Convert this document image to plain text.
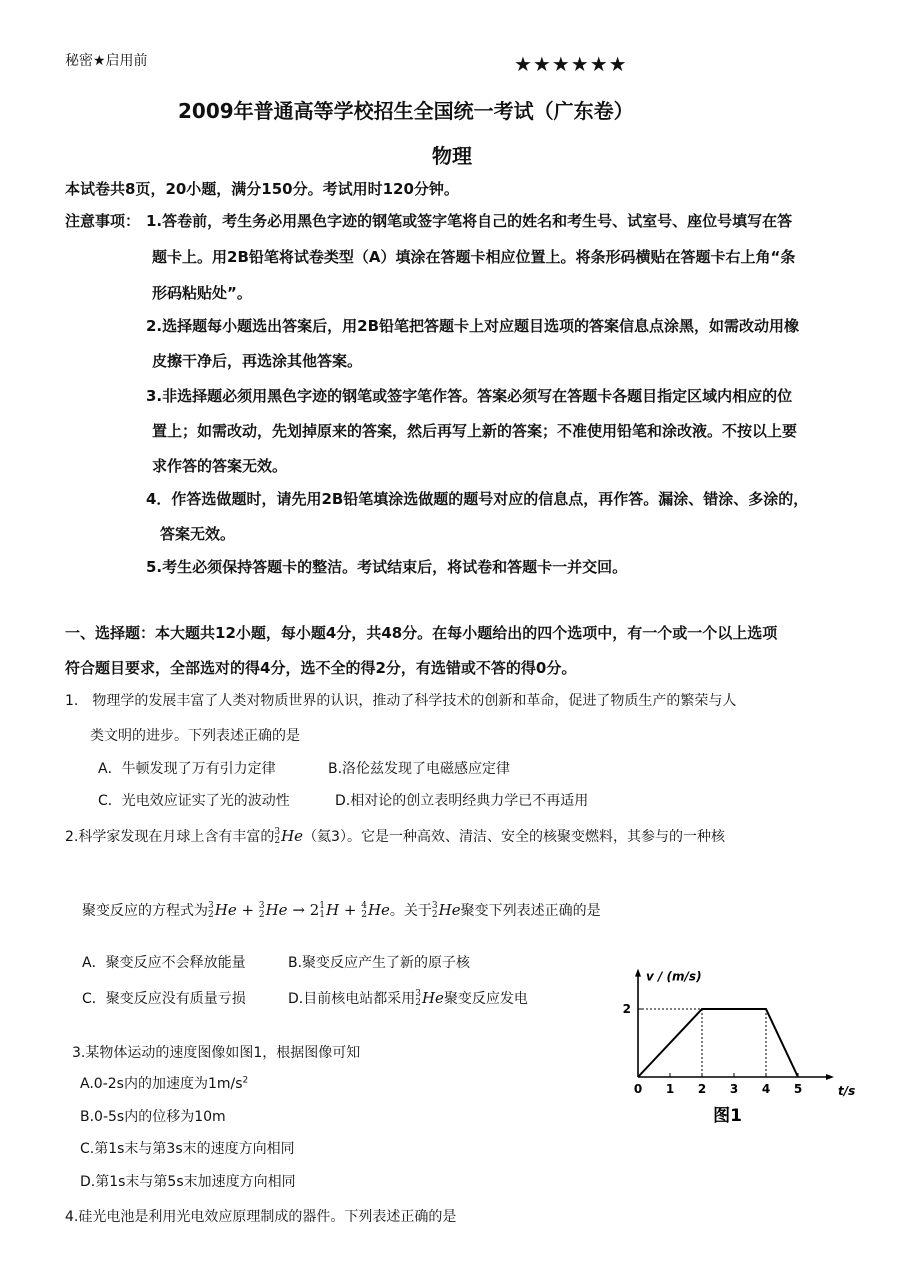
秘密★启用前	★★★★★★
2009年普通高等学校招生全国统一考试（广东卷）
物理
本试卷共8页，20小题，满分150分。考试用时120分钟。
注意事项： 1.答卷前，考生务必用黑色字迹的钢笔或签字笔将自己的姓名和考生号、试室号、座位号填写在答
题卡上。用2B铅笔将试卷类型（A）填涂在答题卡相应位置上。将条形码横贴在答题卡右上角“条
形码粘贴处”。
2.选择题每小题选出答案后，用2B铅笔把答题卡上对应题目选项的答案信息点涂黑，如需改动用橡
皮擦干净后，再选涂其他答案。
3.非选择题必须用黑色字迹的钢笔或签字笔作答。答案必须写在答题卡各题目指定区域内相应的位
置上；如需改动，先划掉原来的答案，然后再写上新的答案；不准使用铅笔和涂改液。不按以上要
求作答的答案无效。
4．作答选做题时，请先用2B铅笔填涂选做题的题号对应的信息点，再作答。漏涂、错涂、多涂的，
答案无效。
5.考生必须保持答题卡的整洁。考试结束后，将试卷和答题卡一并交回。
一、选择题：本大题共12小题，每小题4分，共48分。在每小题给出的四个选项中，有一个或一个以上选项
符合题目要求，全部选对的得4分，选不全的得2分，有选错或不答的得0分。
1.　物理学的发展丰富了人类对物质世界的认识，推动了科学技术的创新和革命，促进了物质生产的繁荣与人
类文明的进步。下列表述正确的是
A．牛顿发现了万有引力定律	B.洛伦兹发现了电磁感应定律
C．光电效应证实了光的波动性	D.相对论的创立表明经典力学已不再适用
2.科学家发现在月球上含有丰富的 3
2 He（氦3）。它是一种高效、清洁、安全的核聚变燃料，其参与的一种核
聚变反应的方程式为 3
2 He + 3
2 He → 2 1
1 H + 4
2 He。关于 3
2 He聚变下列表述正确的是
A．聚变反应不会释放能量	B.聚变反应产生了新的原子核
C．聚变反应没有质量亏损	D.目前核电站都采用 3
2 He聚变反应发电
3.某物体运动的速度图像如图1，根据图像可知
A.0-2s内的加速度为$1m/s^2$
B.0-5s内的位移为10m
C.第1s末与第3s末的速度方向相同
D.第1s末与第5s末加速度方向相同
4.硅光电池是利用光电效应原理制成的器件。下列表述正确的是
v / (m/s)
t/s
0 1 2 3 4 5
2
图1
